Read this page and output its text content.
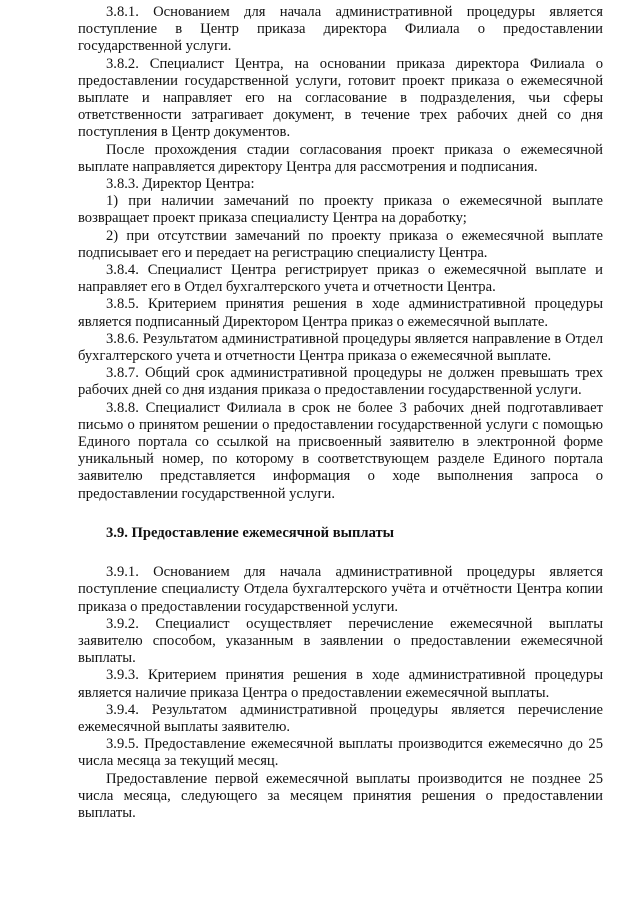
3.8.1. Основанием для начала административной процедуры является поступление в Центр приказа директора Филиала о предоставлении государственной услуги.

3.8.2. Специалист Центра, на основании приказа директора Филиала о предоставлении государственной услуги, готовит проект приказа о ежемесячной выплате и направляет его на согласование в подразделения, чьи сферы ответственности затрагивает документ, в течение трех рабочих дней со дня поступления в Центр документов.

После прохождения стадии согласования проект приказа о ежемесячной выплате направляется директору Центра для рассмотрения и подписания.

3.8.3. Директор Центра:

1) при наличии замечаний по проекту приказа о ежемесячной выплате возвращает проект приказа специалисту Центра на доработку;

2) при отсутствии замечаний по проекту приказа о ежемесячной выплате подписывает его и передает на регистрацию специалисту Центра.

3.8.4. Специалист Центра регистрирует приказ о ежемесячной выплате и направляет его в Отдел бухгалтерского учета и отчетности Центра.

3.8.5. Критерием принятия решения в ходе административной процедуры является подписанный Директором Центра приказ о ежемесячной выплате.

3.8.6. Результатом административной процедуры является направление в Отдел бухгалтерского учета и отчетности Центра приказа о ежемесячной выплате.

3.8.7. Общий срок административной процедуры не должен превышать трех рабочих дней со дня издания приказа о предоставлении государственной услуги.

3.8.8. Специалист Филиала в срок не более 3 рабочих дней подготавливает письмо о принятом решении о предоставлении государственной услуги с помощью Единого портала со ссылкой на присвоенный заявителю в электронной форме уникальный номер, по которому в соответствующем разделе Единого портала заявителю представляется информация о ходе выполнения запроса о предоставлении государственной услуги.

3.9. Предоставление ежемесячной выплаты

3.9.1. Основанием для начала административной процедуры является поступление специалисту Отдела бухгалтерского учёта и отчётности Центра копии приказа о предоставлении государственной услуги.

3.9.2. Специалист осуществляет перечисление ежемесячной выплаты заявителю способом, указанным в заявлении о предоставлении ежемесячной выплаты.

3.9.3. Критерием принятия решения в ходе административной процедуры является наличие приказа Центра о предоставлении ежемесячной выплаты.

3.9.4. Результатом административной процедуры является перечисление ежемесячной выплаты заявителю.

3.9.5. Предоставление ежемесячной выплаты производится ежемесячно до 25 числа месяца за текущий месяц.

Предоставление первой ежемесячной выплаты производится не позднее 25 числа месяца, следующего за месяцем принятия решения о предоставлении выплаты.
